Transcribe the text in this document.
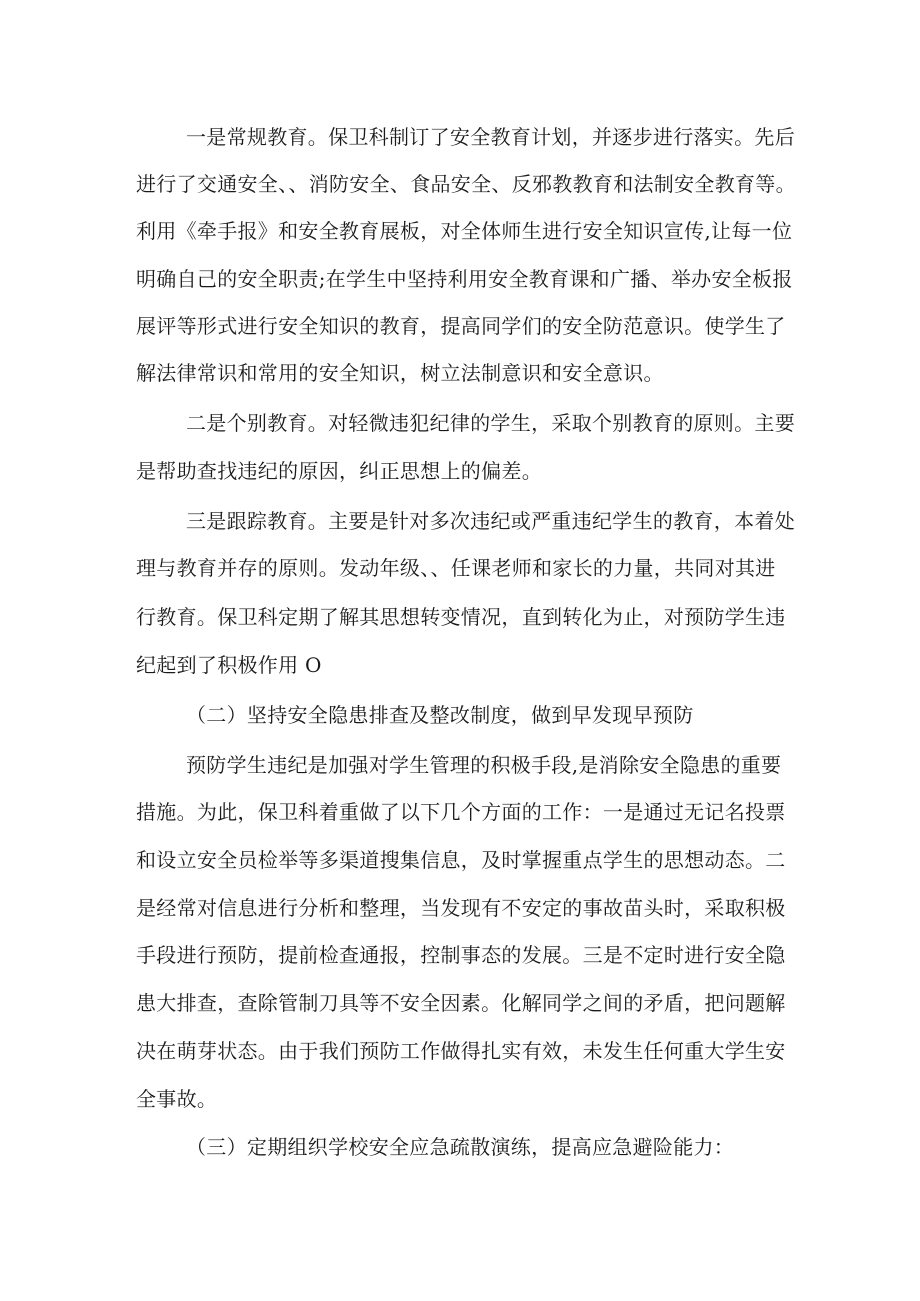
一是常规教育。保卫科制订了安全教育计划，并逐步进行落实。先后
进行了交通安全、、消防安全、食品安全、反邪教教育和法制安全教育等。
利用《牵手报》和安全教育展板，对全体师生进行安全知识宣传,让每一位
明确自己的安全职责;在学生中坚持利用安全教育课和广播、举办安全板报
展评等形式进行安全知识的教育，提高同学们的安全防范意识。使学生了
解法律常识和常用的安全知识，树立法制意识和安全意识。
二是个别教育。对轻微违犯纪律的学生，采取个别教育的原则。主要
是帮助查找违纪的原因，纠正思想上的偏差。
三是跟踪教育。主要是针对多次违纪或严重违纪学生的教育，本着处
理与教育并存的原则。发动年级、、任课老师和家长的力量，共同对其进
行教育。保卫科定期了解其思想转变情况，直到转化为止，对预防学生违
纪起到了积极作用 O
（二）坚持安全隐患排查及整改制度，做到早发现早预防
预防学生违纪是加强对学生管理的积极手段,是消除安全隐患的重要
措施。为此，保卫科着重做了以下几个方面的工作：一是通过无记名投票
和设立安全员检举等多渠道搜集信息，及时掌握重点学生的思想动态。二
是经常对信息进行分析和整理，当发现有不安定的事故苗头时，采取积极
手段进行预防，提前检查通报，控制事态的发展。三是不定时进行安全隐
患大排查，查除管制刀具等不安全因素。化解同学之间的矛盾，把问题解
决在萌芽状态。由于我们预防工作做得扎实有效，未发生任何重大学生安
全事故。
（三）定期组织学校安全应急疏散演练，提高应急避险能力：
